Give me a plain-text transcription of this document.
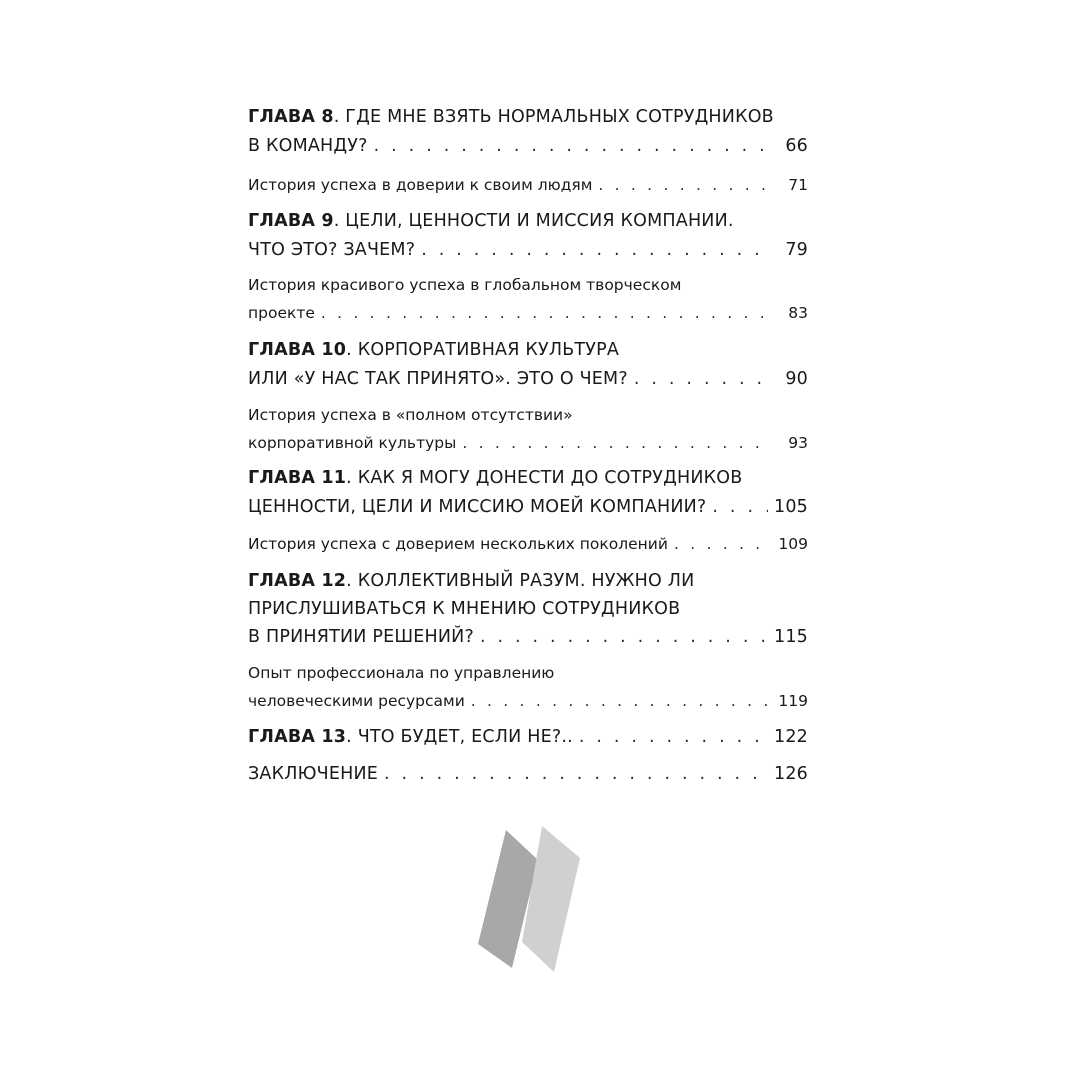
ГЛАВА 8. ГДЕ МНЕ ВЗЯТЬ НОРМАЛЬНЫХ СОТРУДНИКОВ
В КОМАНДУ? . . .	66
История успеха в доверии к своим людям . . .	71
ГЛАВА 9. ЦЕЛИ, ЦЕННОСТИ И МИССИЯ КОМПАНИИ.
ЧТО ЭТО? ЗАЧЕМ? . . .	79
История красивого успеха в глобальном творческом
проекте . . .	83
ГЛАВА 10. КОРПОРАТИВНАЯ КУЛЬТУРА
ИЛИ «У НАС ТАК ПРИНЯТО». ЭТО О ЧЕМ? . . .	90
История успеха в «полном отсутствии»
корпоративной культуры . . .	93
ГЛАВА 11. КАК Я МОГУ ДОНЕСТИ ДО СОТРУДНИКОВ
ЦЕННОСТИ, ЦЕЛИ И МИССИЮ МОЕЙ КОМПАНИИ? . . .	105
История успеха с доверием нескольких поколений . . .	109
ГЛАВА 12. КОЛЛЕКТИВНЫЙ РАЗУМ. НУЖНО ЛИ
ПРИСЛУШИВАТЬСЯ К МНЕНИЮ СОТРУДНИКОВ
В ПРИНЯТИИ РЕШЕНИЙ? . . .	115
Опыт профессионала по управлению
человеческими ресурсами . . .	119
ГЛАВА 13. ЧТО БУДЕТ, ЕСЛИ НЕ?.. . . .	122
ЗАКЛЮЧЕНИЕ . . .	126
